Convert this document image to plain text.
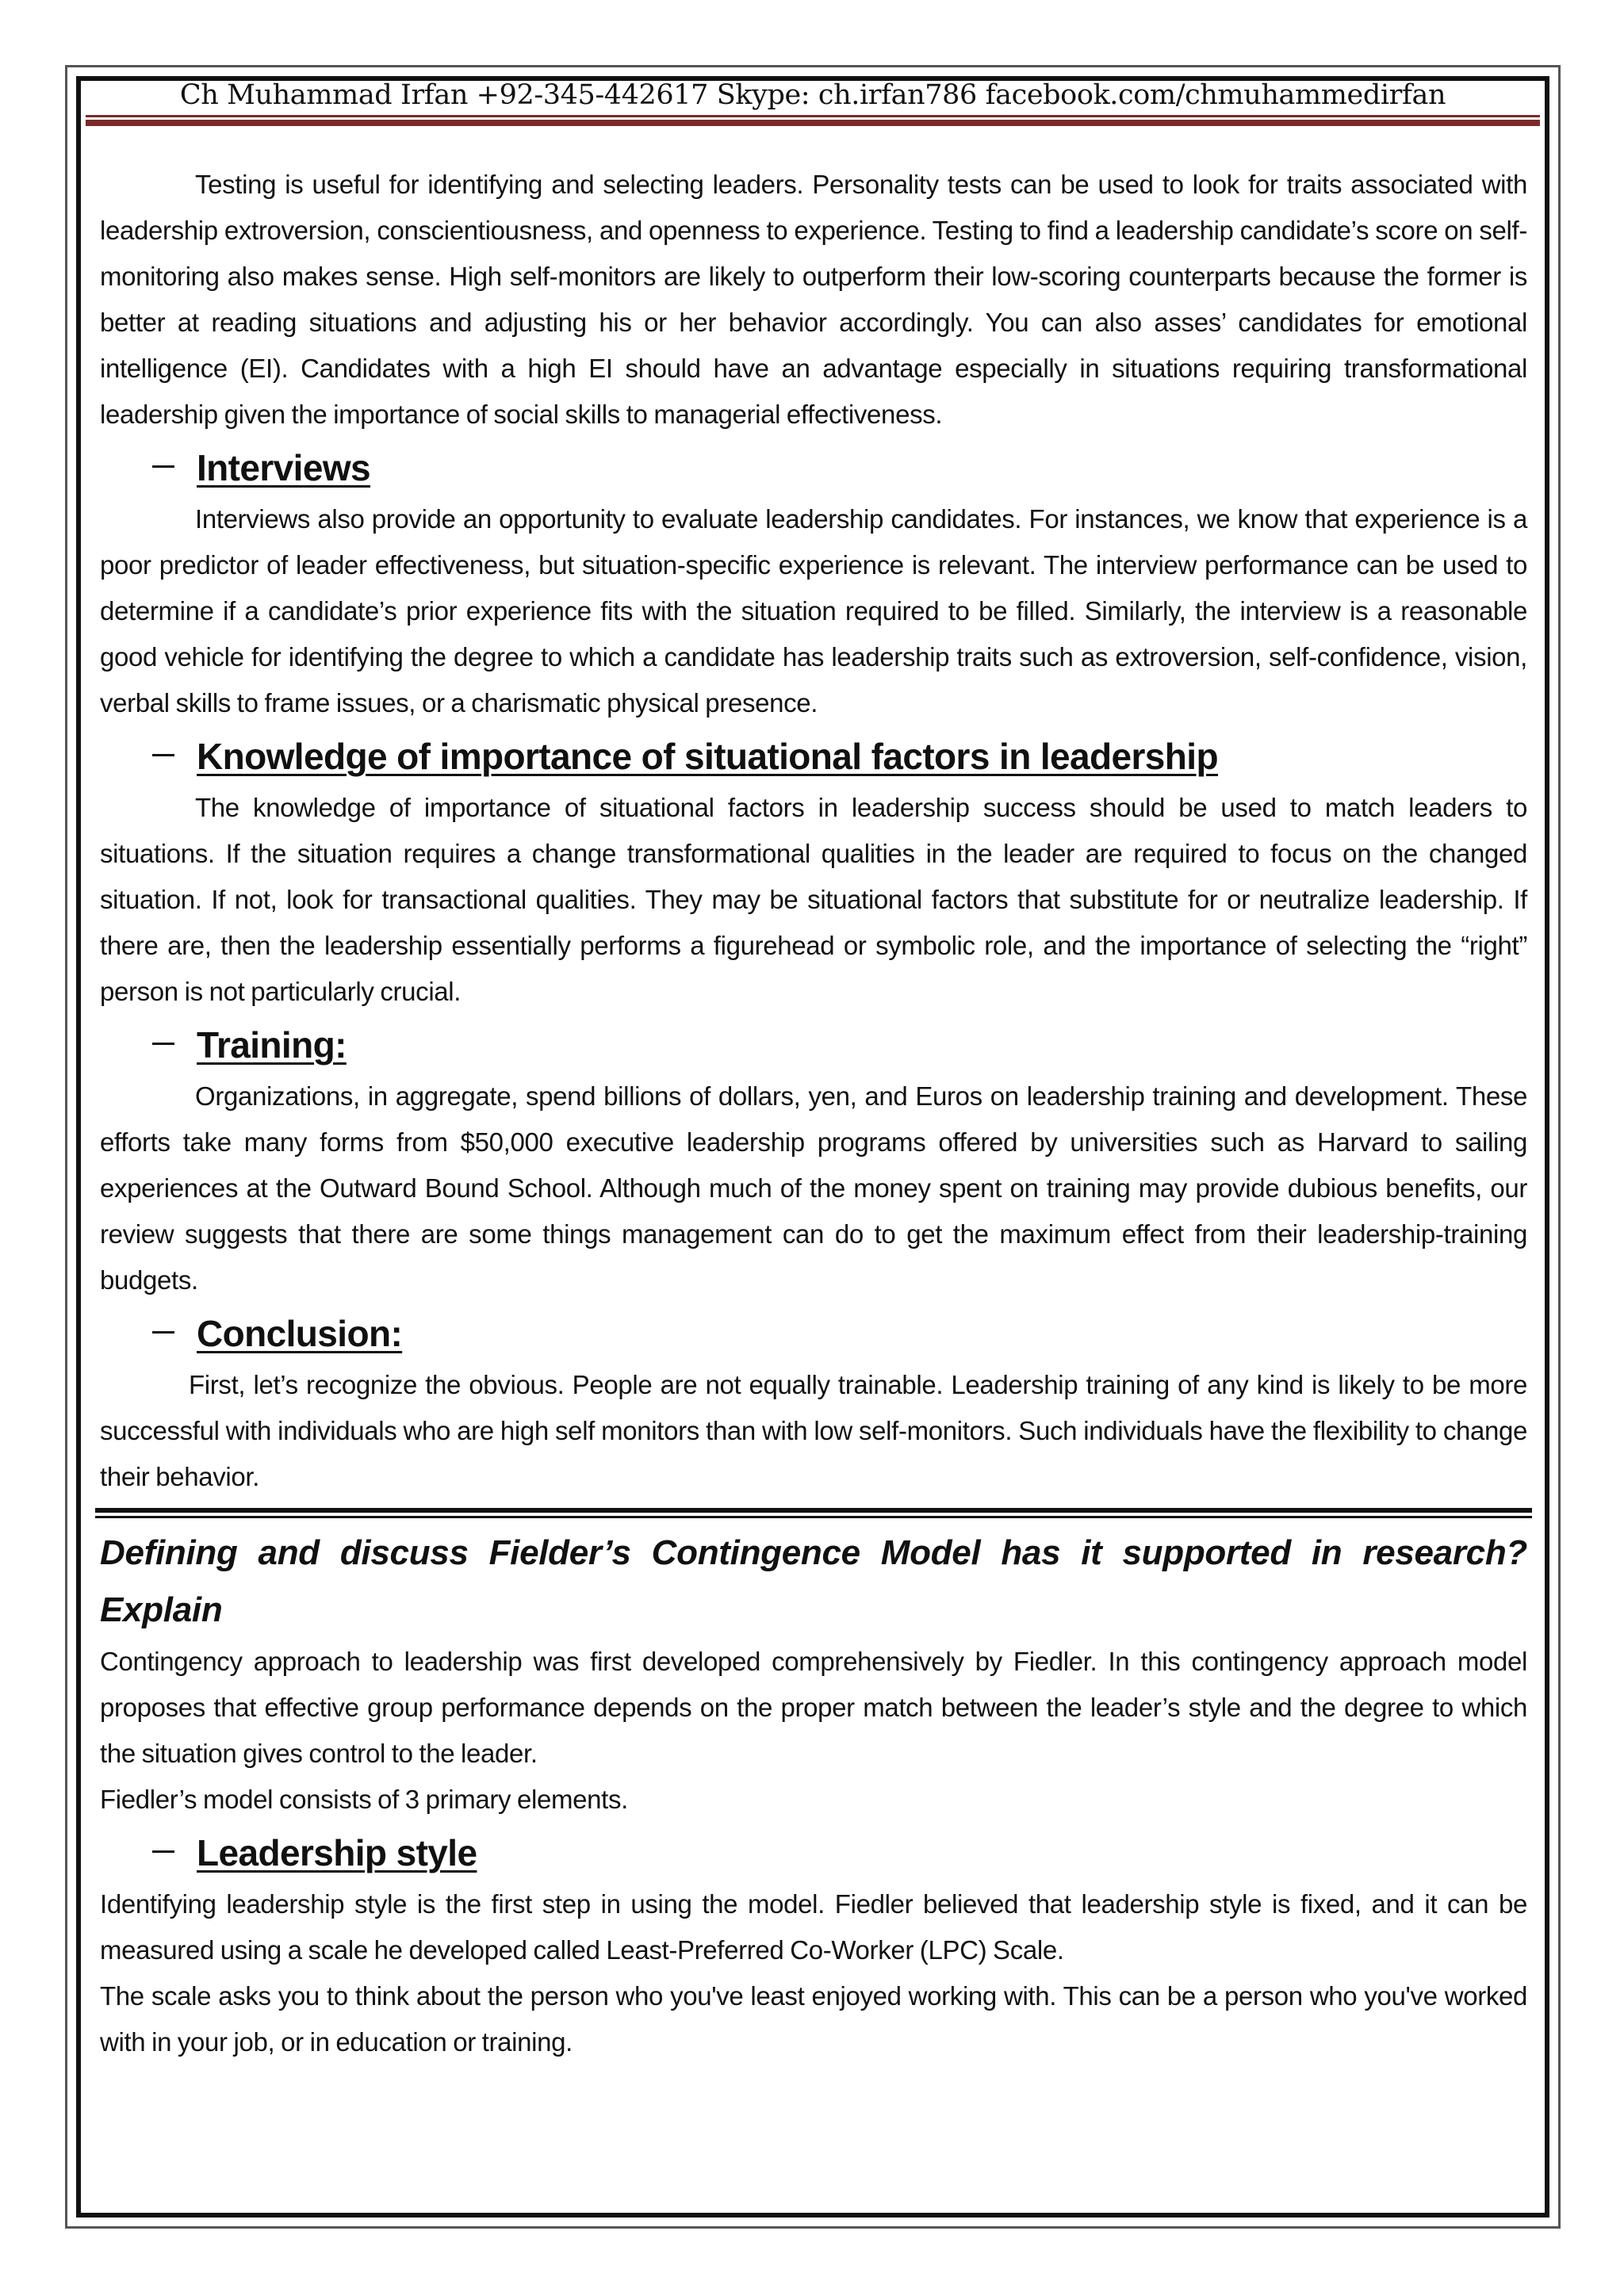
Ch Muhammad Irfan +92-345-442617 Skype: ch.irfan786 facebook.com/chmuhammedirfan

Testing is useful for identifying and selecting leaders. Personality tests can be used to look for traits associated with leadership extroversion, conscientiousness, and openness to experience. Testing to find a leadership candidate’s score on self-monitoring also makes sense. High self-monitors are likely to outperform their low-scoring counterparts because the former is better at reading situations and adjusting his or her behavior accordingly. You can also asses’ candidates for emotional intelligence (EI). Candidates with a high EI should have an advantage especially in situations requiring transformational leadership given the importance of social skills to managerial effectiveness.

Interviews

Interviews also provide an opportunity to evaluate leadership candidates. For instances, we know that experience is a poor predictor of leader effectiveness, but situation-specific experience is relevant. The interview performance can be used to determine if a candidate’s prior experience fits with the situation required to be filled. Similarly, the interview is a reasonable good vehicle for identifying the degree to which a candidate has leadership traits such as extroversion, self-confidence, vision, verbal skills to frame issues, or a charismatic physical presence.

Knowledge of importance of situational factors in leadership

The knowledge of importance of situational factors in leadership success should be used to match leaders to situations. If the situation requires a change transformational qualities in the leader are required to focus on the changed situation. If not, look for transactional qualities. They may be situational factors that substitute for or neutralize leadership. If there are, then the leadership essentially performs a figurehead or symbolic role, and the importance of selecting the “right” person is not particularly crucial.

Training:

Organizations, in aggregate, spend billions of dollars, yen, and Euros on leadership training and development. These efforts take many forms from $50,000 executive leadership programs offered by universities such as Harvard to sailing experiences at the Outward Bound School. Although much of the money spent on training may provide dubious benefits, our review suggests that there are some things management can do to get the maximum effect from their leadership-training budgets.

Conclusion:

First, let’s recognize the obvious. People are not equally trainable. Leadership training of any kind is likely to be more successful with individuals who are high self monitors than with low self-monitors. Such individuals have the flexibility to change their behavior.

Defining and discuss Fielder’s Contingence Model has it supported in research?
Explain

Contingency approach to leadership was first developed comprehensively by Fiedler. In this contingency approach model proposes that effective group performance depends on the proper match between the leader’s style and the degree to which the situation gives control to the leader.

Fiedler’s model consists of 3 primary elements.

Leadership style

Identifying leadership style is the first step in using the model. Fiedler believed that leadership style is fixed, and it can be measured using a scale he developed called Least-Preferred Co-Worker (LPC) Scale.

The scale asks you to think about the person who you've least enjoyed working with. This can be a person who you've worked with in your job, or in education or training.
